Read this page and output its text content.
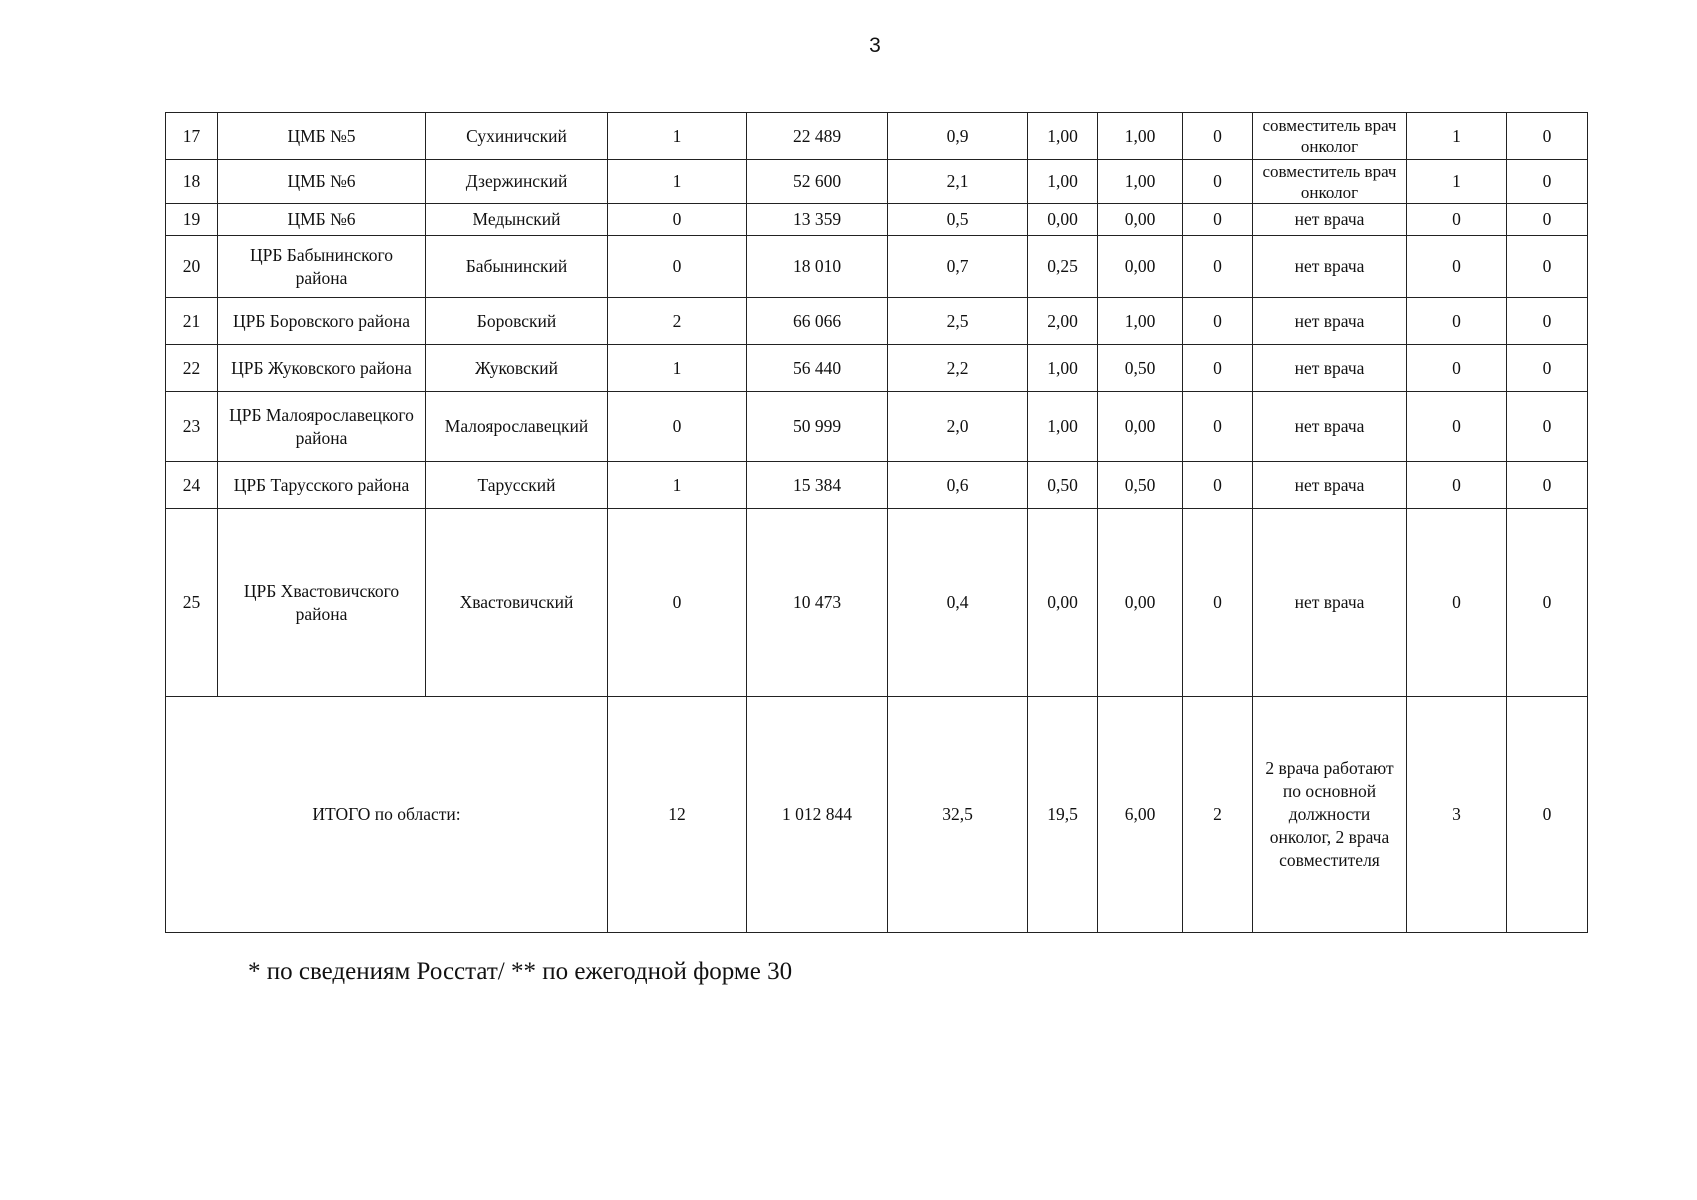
3
17	ЦМБ №5	Сухиничский	1	22 489	0,9	1,00	1,00	0	совместитель врач онколог	1	0
18	ЦМБ №6	Дзержинский	1	52 600	2,1	1,00	1,00	0	совместитель врач онколог	1	0
19	ЦМБ №6	Медынский	0	13 359	0,5	0,00	0,00	0	нет врача	0	0
20	ЦРБ Бабынинского района	Бабынинский	0	18 010	0,7	0,25	0,00	0	нет врача	0	0
21	ЦРБ Боровского района	Боровский	2	66 066	2,5	2,00	1,00	0	нет врача	0	0
22	ЦРБ Жуковского района	Жуковский	1	56 440	2,2	1,00	0,50	0	нет врача	0	0
23	ЦРБ Малоярославецкого района	Малоярославецкий	0	50 999	2,0	1,00	0,00	0	нет врача	0	0
24	ЦРБ Тарусского района	Тарусский	1	15 384	0,6	0,50	0,50	0	нет врача	0	0
25	ЦРБ Хвастовичского района	Хвастовичский	0	10 473	0,4	0,00	0,00	0	нет врача	0	0
ИТОГО по области:			12	1 012 844	32,5	19,5	6,00	2	2 врача работают по основной должности онколог, 2 врача совместителя	3	0
* по сведениям Росстат/ ** по ежегодной форме 30
